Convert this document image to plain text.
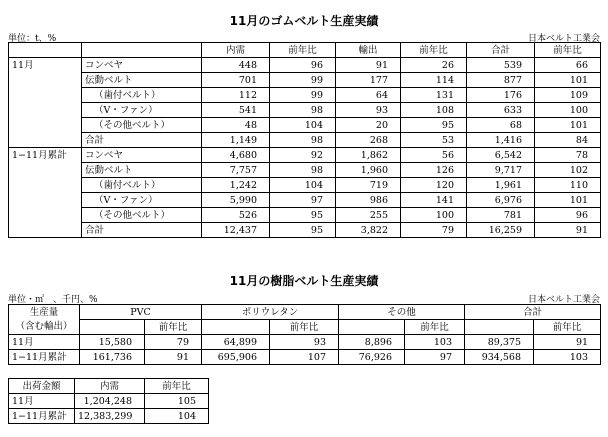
11月のゴムベルト生産実績
単位：t、%	日本ベルト工業会
		内需	前年比	輸出	前年比	合計	前年比
11月	コンベヤ	448	96	91	26	539	66
	伝動ベルト	701	99	177	114	877	101
	（歯付ベルト）	112	99	64	131	176	109
	（V・ファン）	541	98	93	108	633	100
	（その他ベルト）	48	104	20	95	68	101
	合計	1,149	98	268	53	1,416	84
1−11月累計	コンベヤ	4,680	92	1,862	56	6,542	78
	伝動ベルト	7,757	98	1,960	126	9,717	102
	（歯付ベルト）	1,242	104	719	120	1,961	110
	（V・ファン）	5,990	97	986	141	6,976	101
	（その他ベルト）	526	95	255	100	781	96
	合計	12,437	95	3,822	79	16,259	91
11月の樹脂ベルト生産実績
単位・㎡　、千円、%	日本ベルト工業会
生産量	PVC		ポリウレタン		その他		合計	
（含む輸出）		前年比		前年比		前年比		前年比
11月	15,580	79	64,899	93	8,896	103	89,375	91
1−11月累計	161,736	91	695,906	107	76,926	97	934,568	103
出荷金額	内需	前年比
11月	1,204,248	105
1−11月累計	12,383,299	104
